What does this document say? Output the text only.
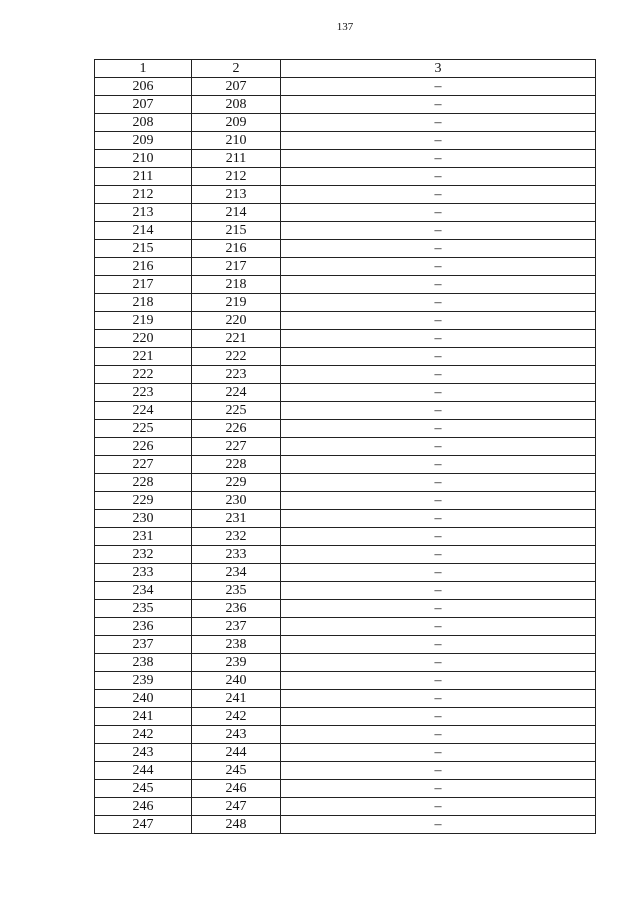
137
1	2	3
206	207	–
207	208	–
208	209	–
209	210	–
210	211	–
211	212	–
212	213	–
213	214	–
214	215	–
215	216	–
216	217	–
217	218	–
218	219	–
219	220	–
220	221	–
221	222	–
222	223	–
223	224	–
224	225	–
225	226	–
226	227	–
227	228	–
228	229	–
229	230	–
230	231	–
231	232	–
232	233	–
233	234	–
234	235	–
235	236	–
236	237	–
237	238	–
238	239	–
239	240	–
240	241	–
241	242	–
242	243	–
243	244	–
244	245	–
245	246	–
246	247	–
247	248	–
